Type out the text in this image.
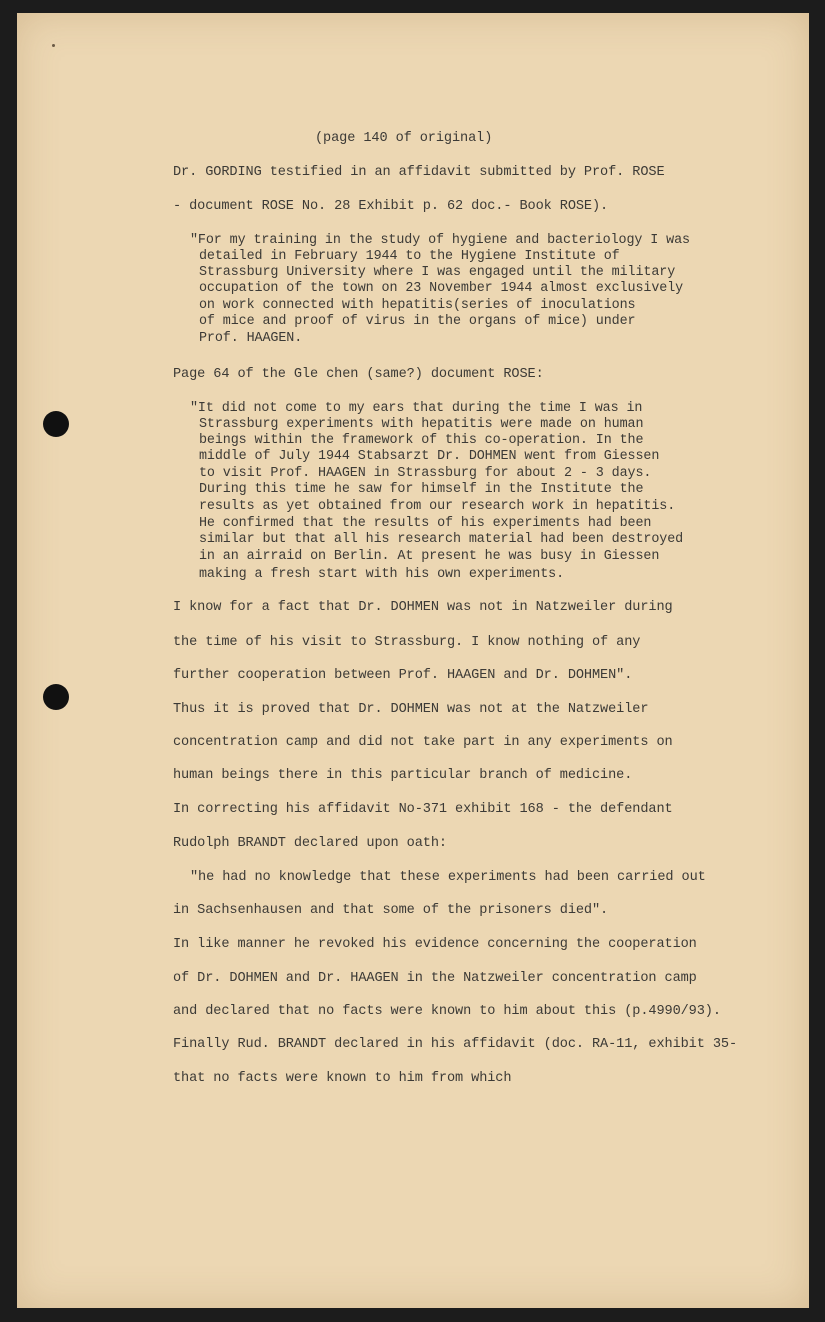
(page 140 of original)

Dr. GORDING testified in an affidavit submitted by Prof. ROSE

- document ROSE No. 28 Exhibit p. 62 doc.- Book ROSE).

"For my training in the study of hygiene and bacteriology I was

detailed in February 1944 to the Hygiene Institute of

Strassburg University where I was engaged until the military

occupation of the town on 23 November 1944 almost exclusively

on work connected with hepatitis(series of inoculations

of mice and proof of virus in the organs of mice) under

Prof. HAAGEN.

Page 64 of the Gle chen (same?) document ROSE:

"It did not come to my ears that during the time I was in

Strassburg experiments with hepatitis were made on human

beings within the framework of this co-operation. In the

middle of July 1944 Stabsarzt Dr. DOHMEN went from Giessen

to visit Prof. HAAGEN in Strassburg for about 2 - 3 days.

During this time he saw for himself in the Institute the

results as yet obtained from our research work in hepatitis.

He confirmed that the results of his experiments had been

similar but that all his research material had been destroyed

in an airraid on Berlin. At present he was busy in Giessen

making a fresh start with his own experiments.

I know for a fact that Dr. DOHMEN was not in Natzweiler during

the time of his visit to Strassburg. I know nothing of any

further cooperation between Prof. HAAGEN and Dr. DOHMEN".

Thus it is proved that Dr. DOHMEN was not at the Natzweiler

concentration camp and did not take part in any experiments on

human beings there in this particular branch of medicine.

In correcting his affidavit No-371 exhibit 168 - the defendant

Rudolph BRANDT declared upon oath:

"he had no knowledge that these experiments had been carried out

in Sachsenhausen and that some of the prisoners died".

In like manner he revoked his evidence concerning the cooperation

of Dr. DOHMEN and Dr. HAAGEN in the Natzweiler concentration camp

and declared that no facts were known to him about this (p.4990/93).

Finally Rud. BRANDT declared in his affidavit (doc. RA-11, exhibit 35-

that no facts were known to him from which
